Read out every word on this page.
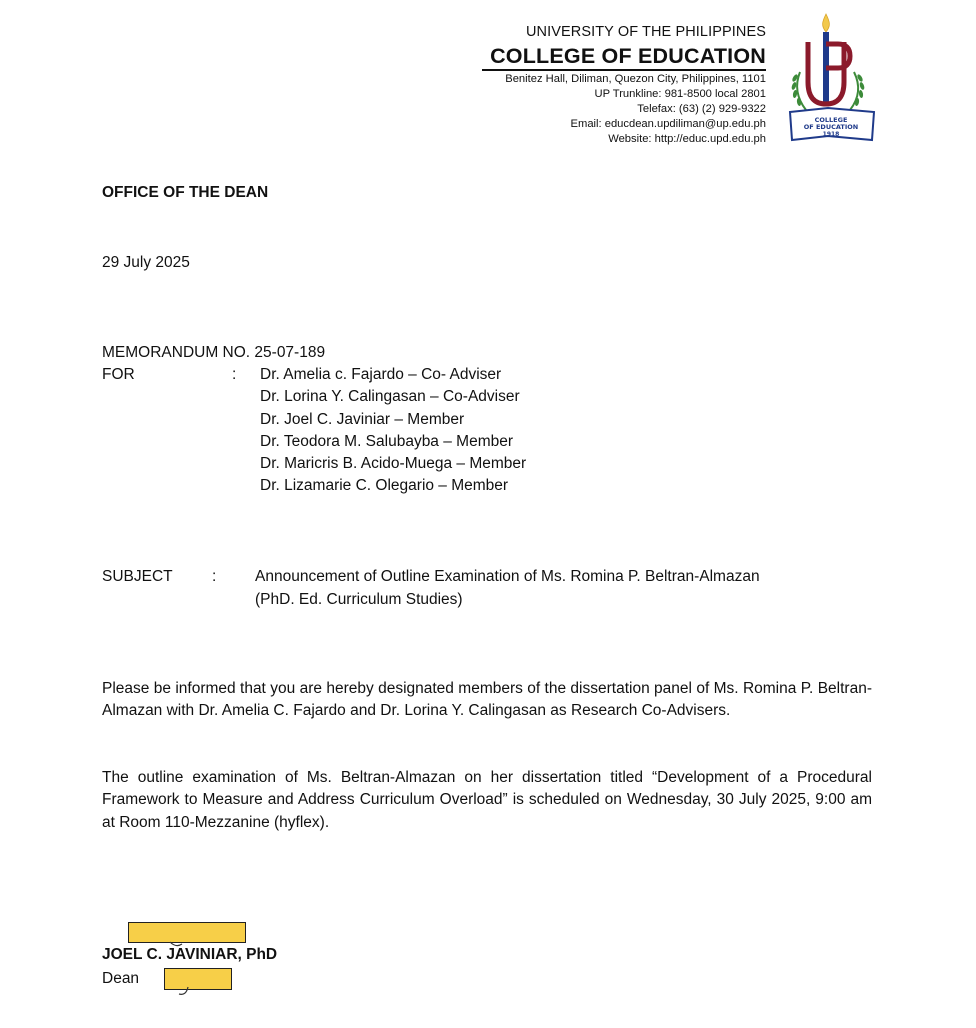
UNIVERSITY OF THE PHILIPPINES
COLLEGE OF EDUCATION
Benitez Hall, Diliman, Quezon City, Philippines, 1101
UP Trunkline: 981-8500 local 2801
Telefax: (63) (2) 929-9322
Email: educdean.updiliman@up.edu.ph
Website: http://educ.upd.edu.ph
COLLEGE
OF EDUCATION
1918
OFFICE OF THE DEAN
29 July 2025
MEMORANDUM NO. 25-07-189
FOR	: Dr. Amelia c. Fajardo – Co- Adviser
Dr. Lorina Y. Calingasan – Co-Adviser
Dr. Joel C. Javiniar – Member
Dr. Teodora M. Salubayba – Member
Dr. Maricris B. Acido-Muega – Member
Dr. Lizamarie C. Olegario – Member
SUBJECT	: Announcement of Outline Examination of Ms. Romina P. Beltran-Almazan
(PhD. Ed. Curriculum Studies)
Please be informed that you are hereby designated members of the dissertation panel of Ms. Romina P. Beltran-Almazan with Dr. Amelia C. Fajardo and Dr. Lorina Y. Calingasan as Research Co-Advisers.
The outline examination of Ms. Beltran-Almazan on her dissertation titled “Development of a Procedural Framework to Measure and Address Curriculum Overload” is scheduled on Wednesday, 30 July 2025, 9:00 am at Room 110-Mezzanine (hyflex).
JOEL C. JAVINIAR, PhD
Dean
